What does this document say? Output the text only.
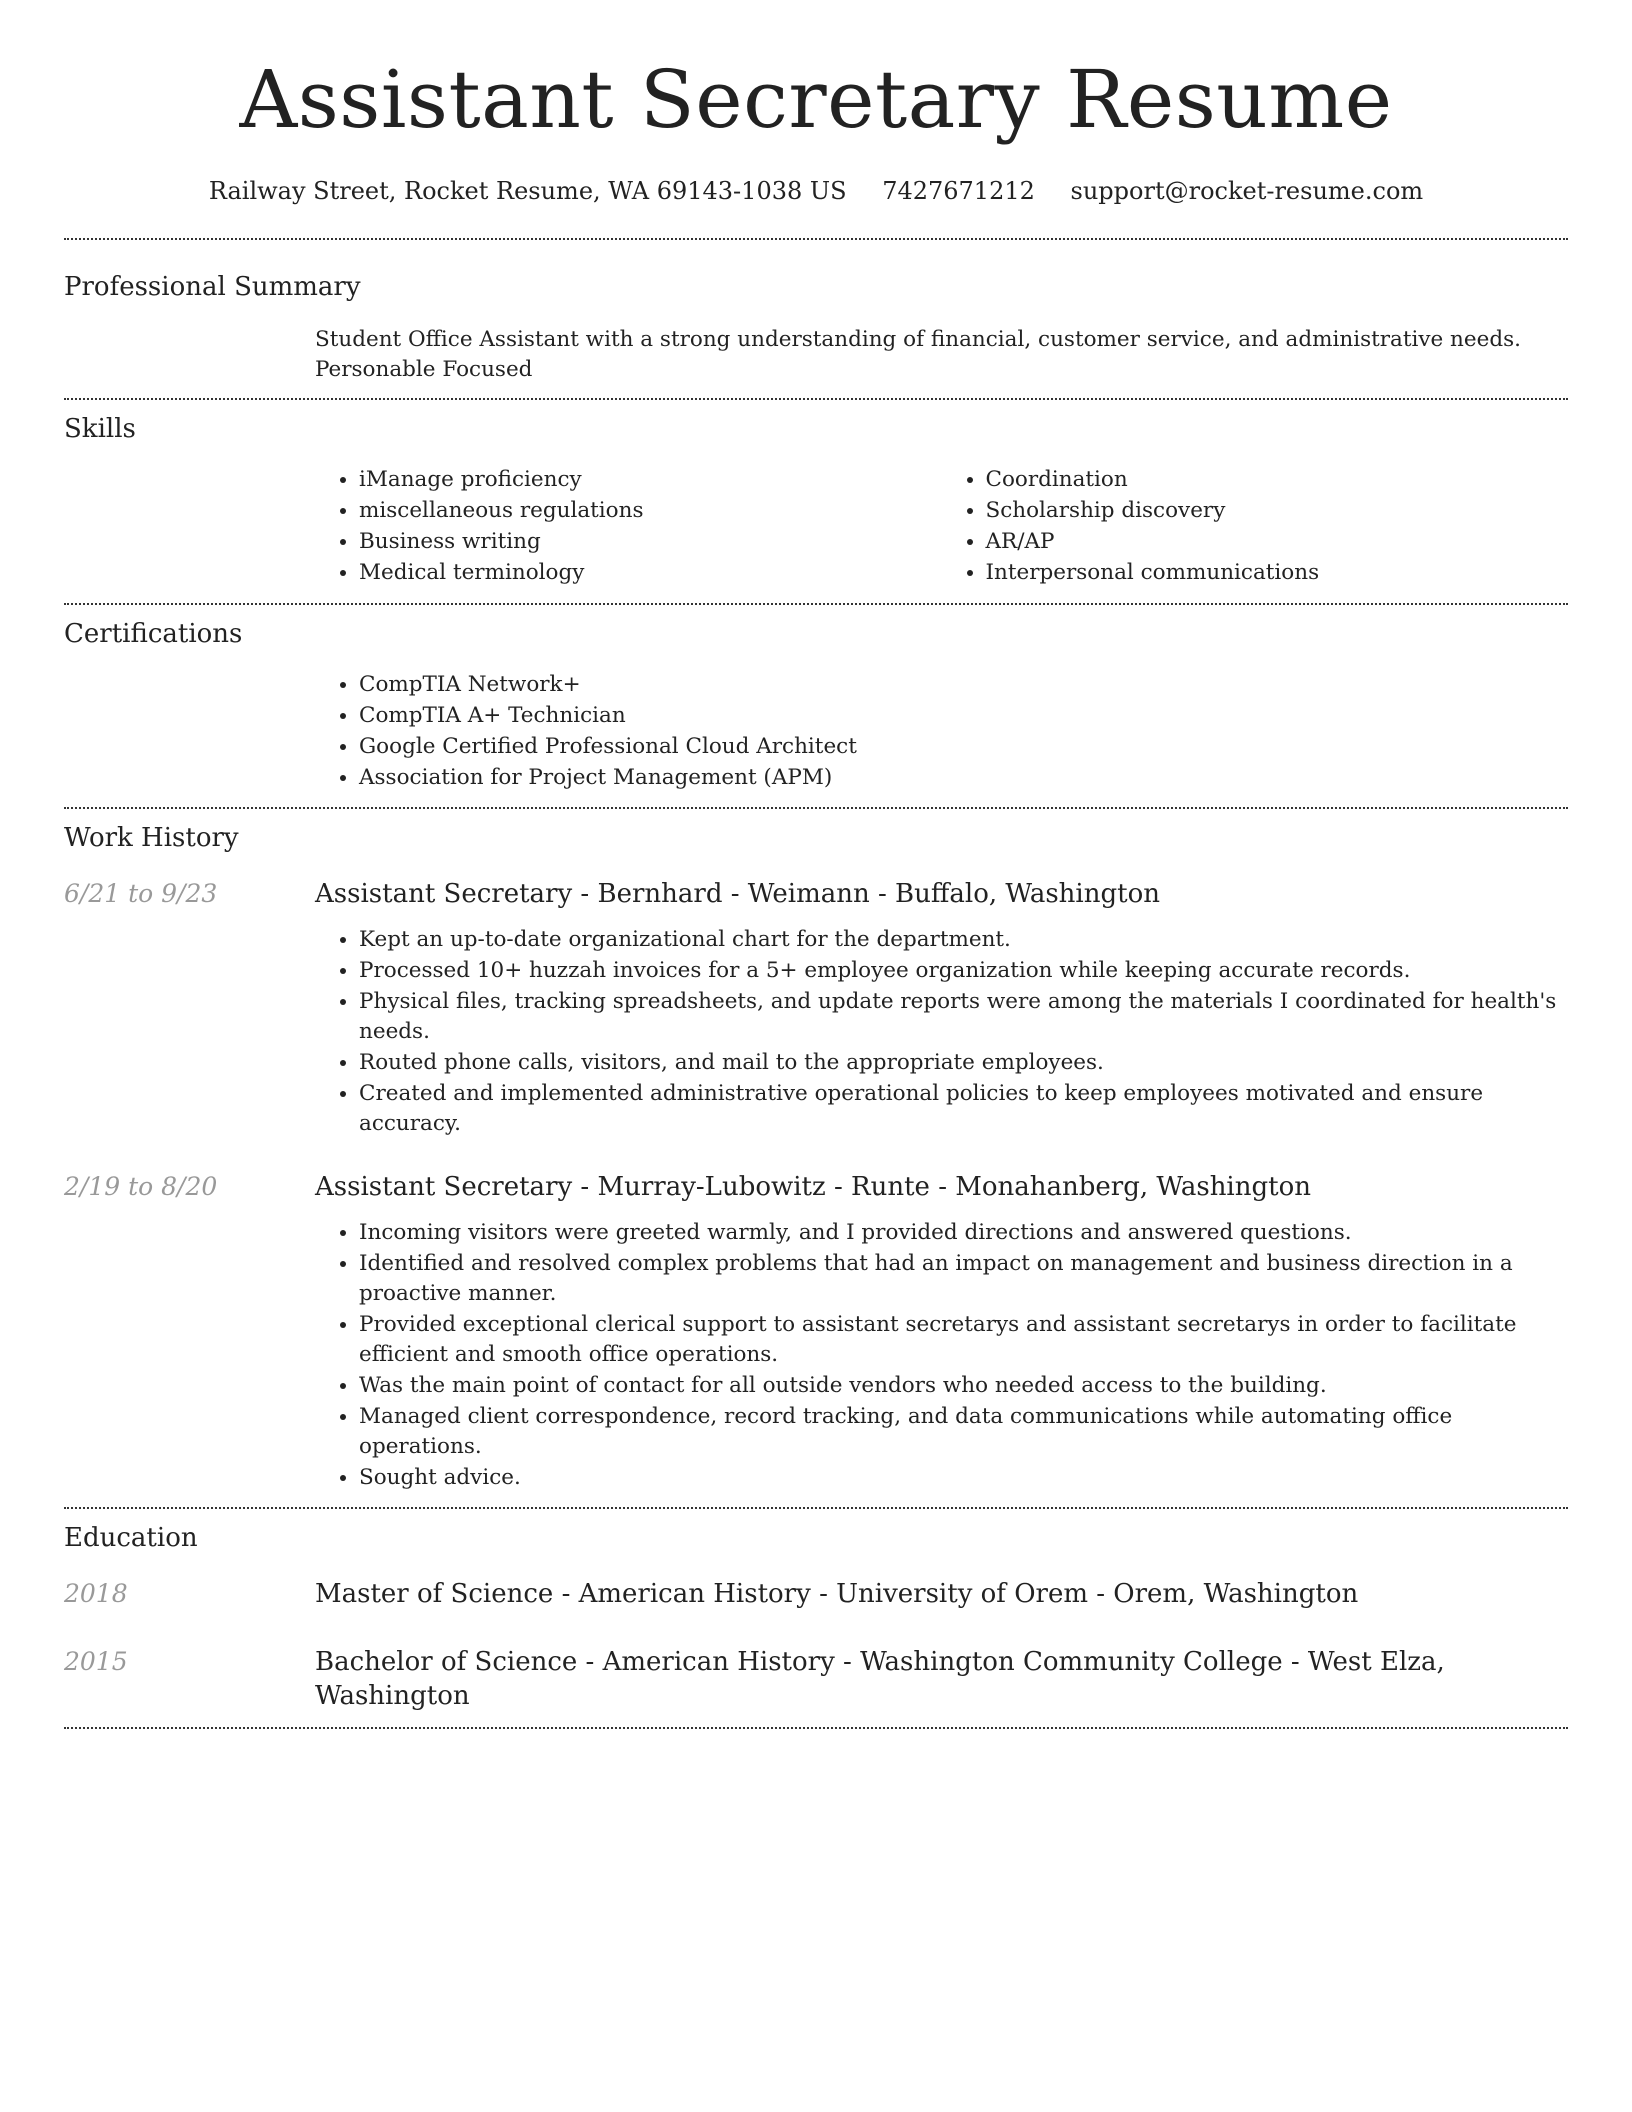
Assistant Secretary Resume
Railway Street, Rocket Resume, WA 69143-1038 US 7427671212 support@rocket-resume.com
Professional Summary

Student Office Assistant with a strong understanding of financial, customer service, and administrative needs. Personable Focused

Skills
• iManage proficiency
• miscellaneous regulations
• Business writing
• Medical terminology
• Coordination
• Scholarship discovery
• AR/AP
• Interpersonal communications
Certifications
• CompTIA Network+
• CompTIA A+ Technician
• Google Certified Professional Cloud Architect
• Association for Project Management (APM)
Work History
6/21 to 9/23	Assistant Secretary - Bernhard - Weimann - Buffalo, Washington

• Kept an up-to-date organizational chart for the department.
• Processed 10+ huzzah invoices for a 5+ employee organization while keeping accurate records.
• Physical files, tracking spreadsheets, and update reports were among the materials I coordinated for health's needs.
• Routed phone calls, visitors, and mail to the appropriate employees.
• Created and implemented administrative operational policies to keep employees motivated and ensure accuracy.
2/19 to 8/20	Assistant Secretary - Murray-Lubowitz - Runte - Monahanberg, Washington

• Incoming visitors were greeted warmly, and I provided directions and answered questions.
• Identified and resolved complex problems that had an impact on management and business direction in a proactive manner.
• Provided exceptional clerical support to assistant secretarys and assistant secretarys in order to facilitate efficient and smooth office operations.
• Was the main point of contact for all outside vendors who needed access to the building.
• Managed client correspondence, record tracking, and data communications while automating office operations.
• Sought advice.
Education
2018	Master of Science - American History - University of Orem - Orem, Washington

2015	Bachelor of Science - American History - Washington Community College - West Elza, Washington
